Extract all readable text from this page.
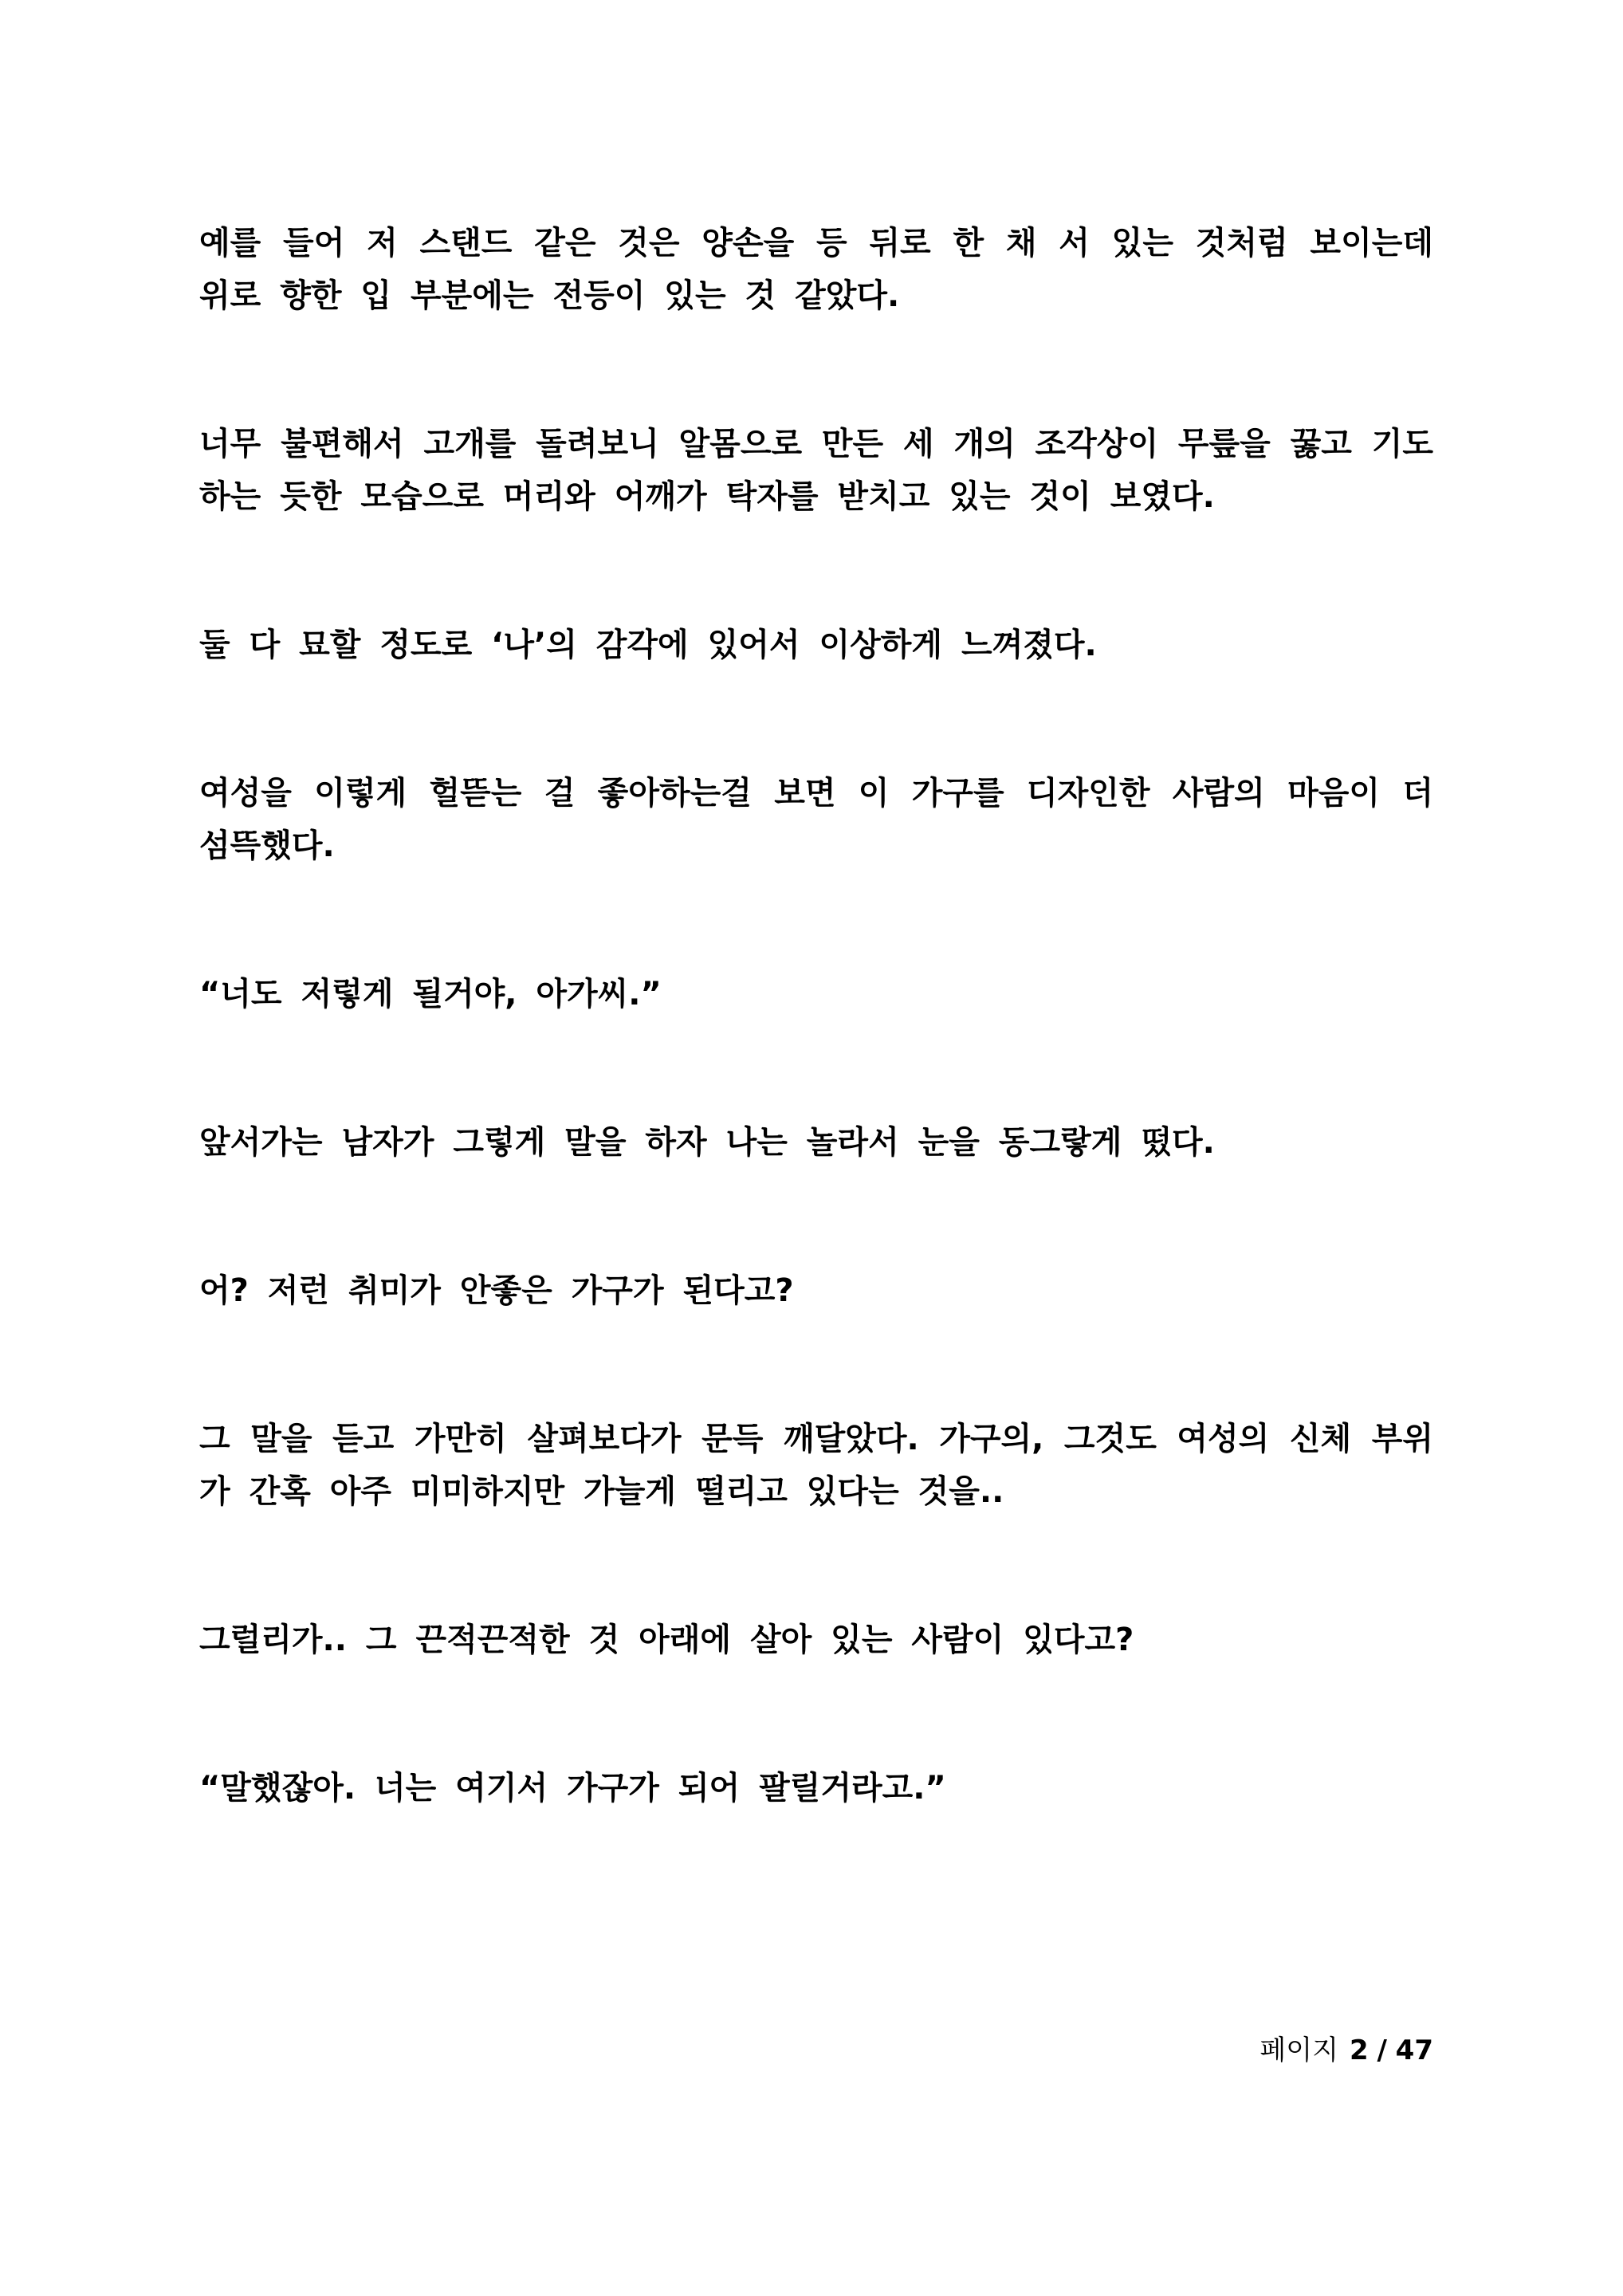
예를 들어 저 스탠드 같은 것은 양손을 등 뒤로 한 채 서 있는 것처럼 보이는데 위로 향한 입 부분에는 전등이 있는 것 같았다.

너무 불편해서 고개를 돌려보니 알몸으로 만든 세 개의 조각상이 무릎을 꿇고 기도하는 듯한 모습으로 머리와 어깨가 탁자를 받치고 있는 것이 보였다.

둘 다 묘할 정도로 ‘나’의 감각에 있어서 이상하게 느껴졌다.

여성을 이렇게 헐뜯는 걸 좋아하는걸 보면 이 가구를 디자인한 사람의 마음이 더 섬뜩했다.

“너도 저렇게 될거야, 아가씨.”

앞서가는 남자가 그렇게 말을 하자 나는 놀라서 눈을 동그랗게 떴다.

어? 저런 취미가 안좋은 가구가 된다고?

그 말을 듣고 가만히 살펴보다가 문득 깨달았다. 가구의, 그것도 여성의 신체 부위가 간혹 아주 미미하지만 가늘게 떨리고 있다는 것을..

그럴리가.. 그 끈적끈적한 것 아래에 살아 있는 사람이 있다고?

“말했잖아. 너는 여기서 가구가 되어 팔릴거라고.”

페이지 2 / 47
